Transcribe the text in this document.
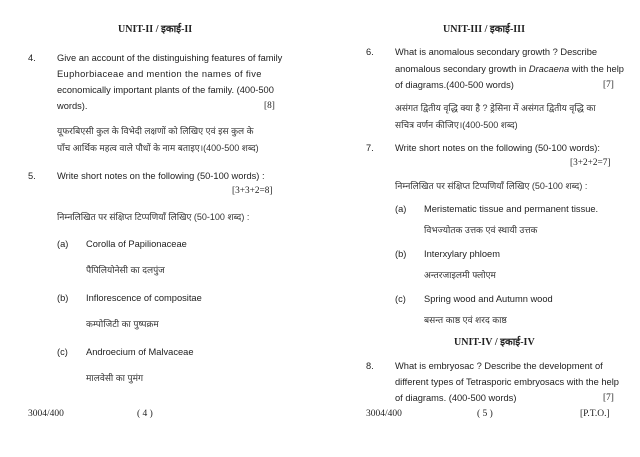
UNIT-II / इकाई-II
4. Give an account of the distinguishing features of family
Euphorbiaceae and mention the names of five
economically important plants of the family. (400-500
words).	[8]
यूफरबिएसी कुल के विभेदी लक्षणों को लिखिए एवं इस कुल के
पाँच आर्थिक महत्व वाले पौधों के नाम बताइए।(400-500 शब्द)
5. Write short notes on the following (50-100 words) :
[3+3+2=8]
निम्नलिखित पर संक्षिप्त टिप्पणियाँ लिखिए (50-100 शब्द) :
(a) Corolla of Papilionaceae
पैपिलियोनेसी का दलपुंज
(b) Inflorescence of compositae
कम्पोजिटी का पुष्पक्रम
(c) Androecium of Malvaceae
मालवेसी का पुमंग
3004/400	( 4 )
UNIT-III / इकाई-III
6. What is anomalous secondary growth ? Describe
anomalous secondary growth in Dracaena with the help
of diagrams.(400-500 words)	[7]
असंगत द्वितीय वृद्धि क्या है ? ड्रेसिना में असंगत द्वितीय वृद्धि का
सचित्र वर्णन कीजिए।(400-500 शब्द)
7. Write short notes on the following (50-100 words):
[3+2+2=7]
निम्नलिखित पर संक्षिप्त टिप्पणियाँ लिखिए (50-100 शब्द) :
(a) Meristematic tissue and permanent tissue.
विभज्योतक उत्तक एवं स्थायी उत्तक
(b) Interxylary phloem
अन्तरजाइलमी फ्लोएम
(c) Spring wood and Autumn wood
बसन्त काष्ठ एवं शरद काष्ठ
UNIT-IV / इकाई-IV
8. What is embryosac ? Describe the development of
different types of Tetrasporic embryosacs with the help
of diagrams. (400-500 words)	[7]
3004/400	( 5 )	[P.T.O.]
